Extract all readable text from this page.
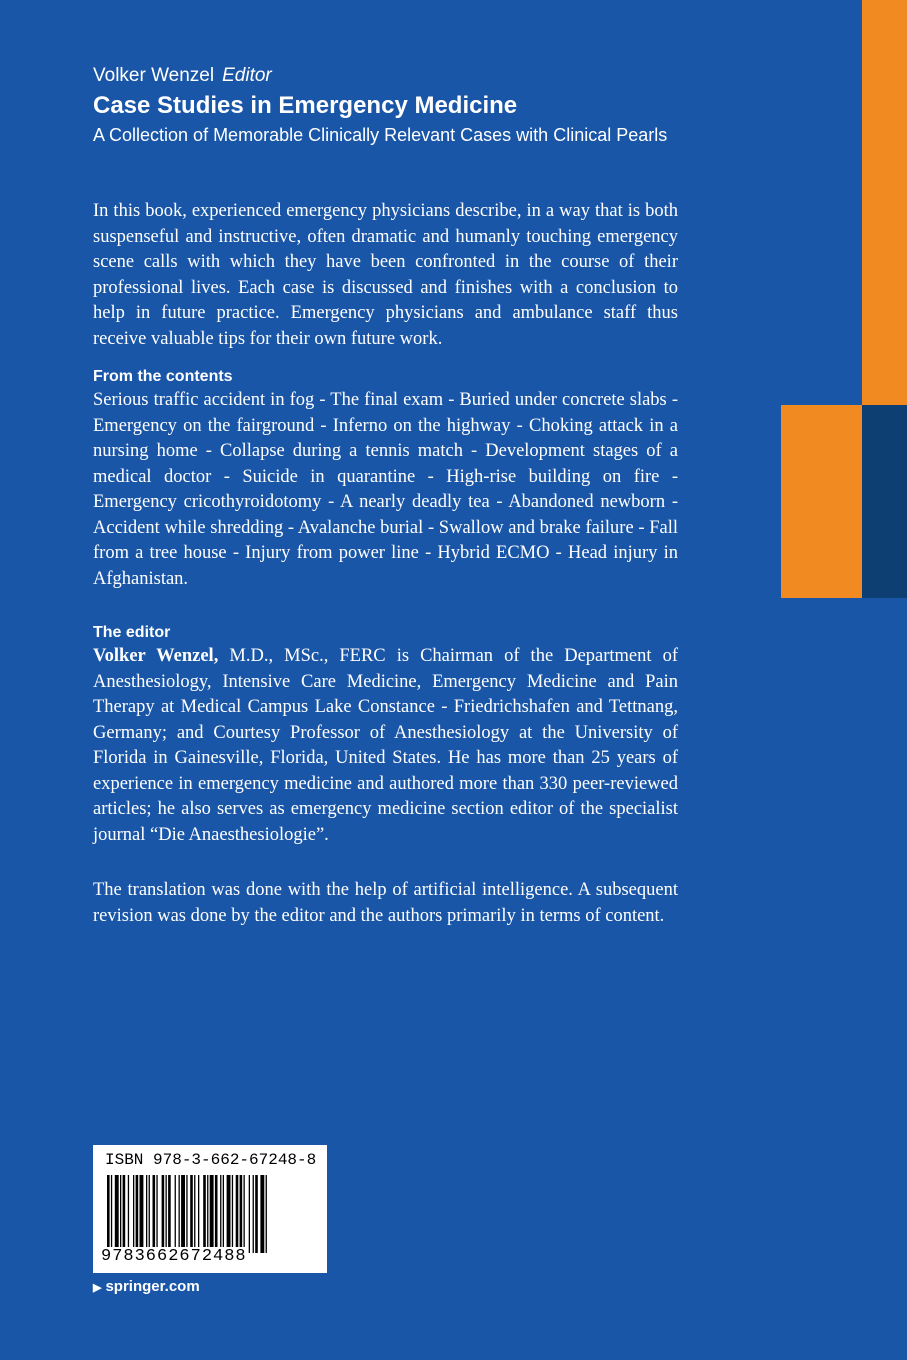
Volker Wenzel Editor
Case Studies in Emergency Medicine
A Collection of Memorable Clinically Relevant Cases with Clinical Pearls

In this book, experienced emergency physicians describe, in a way that is both suspenseful and instructive, often dramatic and humanly touching emergency scene calls with which they have been confronted in the course of their professional lives. Each case is discussed and finishes with a conclusion to help in future practice. Emergency physicians and ambulance staff thus receive valuable tips for their own future work.

From the contents

Serious traffic accident in fog - The final exam - Buried under concrete slabs - Emergency on the fairground - Inferno on the highway - Choking attack in a nursing home - Collapse during a tennis match - Development stages of a medical doctor - Suicide in quarantine - High-rise building on fire - Emergency cricothyroidotomy - A nearly deadly tea - Abandoned newborn - Accident while shredding - Avalanche burial - Swallow and brake failure - Fall from a tree house - Injury from power line - Hybrid ECMO - Head injury in Afghanistan.

The editor

Volker Wenzel, M.D., MSc., FERC is Chairman of the Department of Anesthesiology, Intensive Care Medicine, Emergency Medicine and Pain Therapy at Medical Campus Lake Constance - Friedrichshafen and Tettnang, Germany; and Courtesy Professor of Anesthesiology at the University of Florida in Gainesville, Florida, United States. He has more than 25 years of experience in emergency medicine and authored more than 330 peer-reviewed articles; he also serves as emergency medicine section editor of the specialist journal “Die Anaesthesiologie”.

The translation was done with the help of artificial intelligence. A subsequent revision was done by the editor and the authors primarily in terms of content.

ISBN 978-3-662-67248-8
9783662672488
▶ springer.com
